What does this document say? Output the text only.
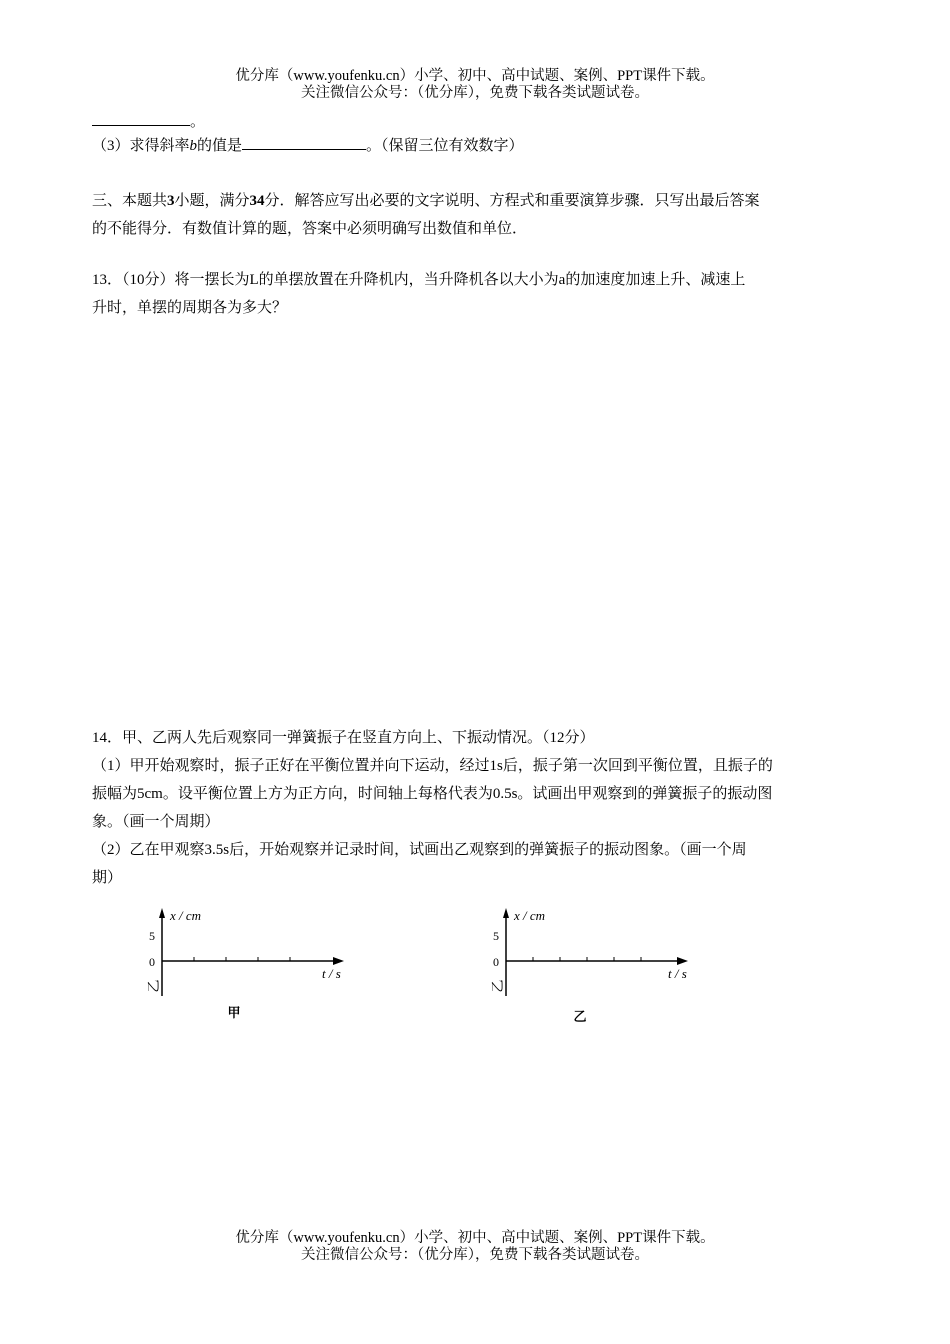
优分库（www.youfenku.cn）小学、初中、高中试题、案例、PPT课件下载。
关注微信公众号：（优分库），免费下载各类试题试卷。
。
（3）求得斜率b的值是	。（保留三位有效数字）
三、本题共3小题，满分34分．解答应写出必要的文字说明、方程式和重要演算步骤．只写出最后答案
的不能得分．有数值计算的题，答案中必须明确写出数值和单位．
13．（10分）将一摆长为L的单摆放置在升降机内，当升降机各以大小为a的加速度加速上升、减速上
升时，单摆的周期各为多大？
14．甲、乙两人先后观察同一弹簧振子在竖直方向上、下振动情况。（12分）
（1）甲开始观察时，振子正好在平衡位置并向下运动，经过1s后，振子第一次回到平衡位置，且振子的
振幅为5cm。设平衡位置上方为正方向，时间轴上每格代表为0.5s。试画出甲观察到的弹簧振子的振动图
象。（画一个周期）
（2）乙在甲观察3.5s后，开始观察并记录时间，试画出乙观察到的弹簧振子的振动图象。（画一个周
期）
x / cm
5
0
t / s
乙
甲
x / cm
5
0
t / s
乙
乙
优分库（www.youfenku.cn）小学、初中、高中试题、案例、PPT课件下载。
关注微信公众号：（优分库），免费下载各类试题试卷。
